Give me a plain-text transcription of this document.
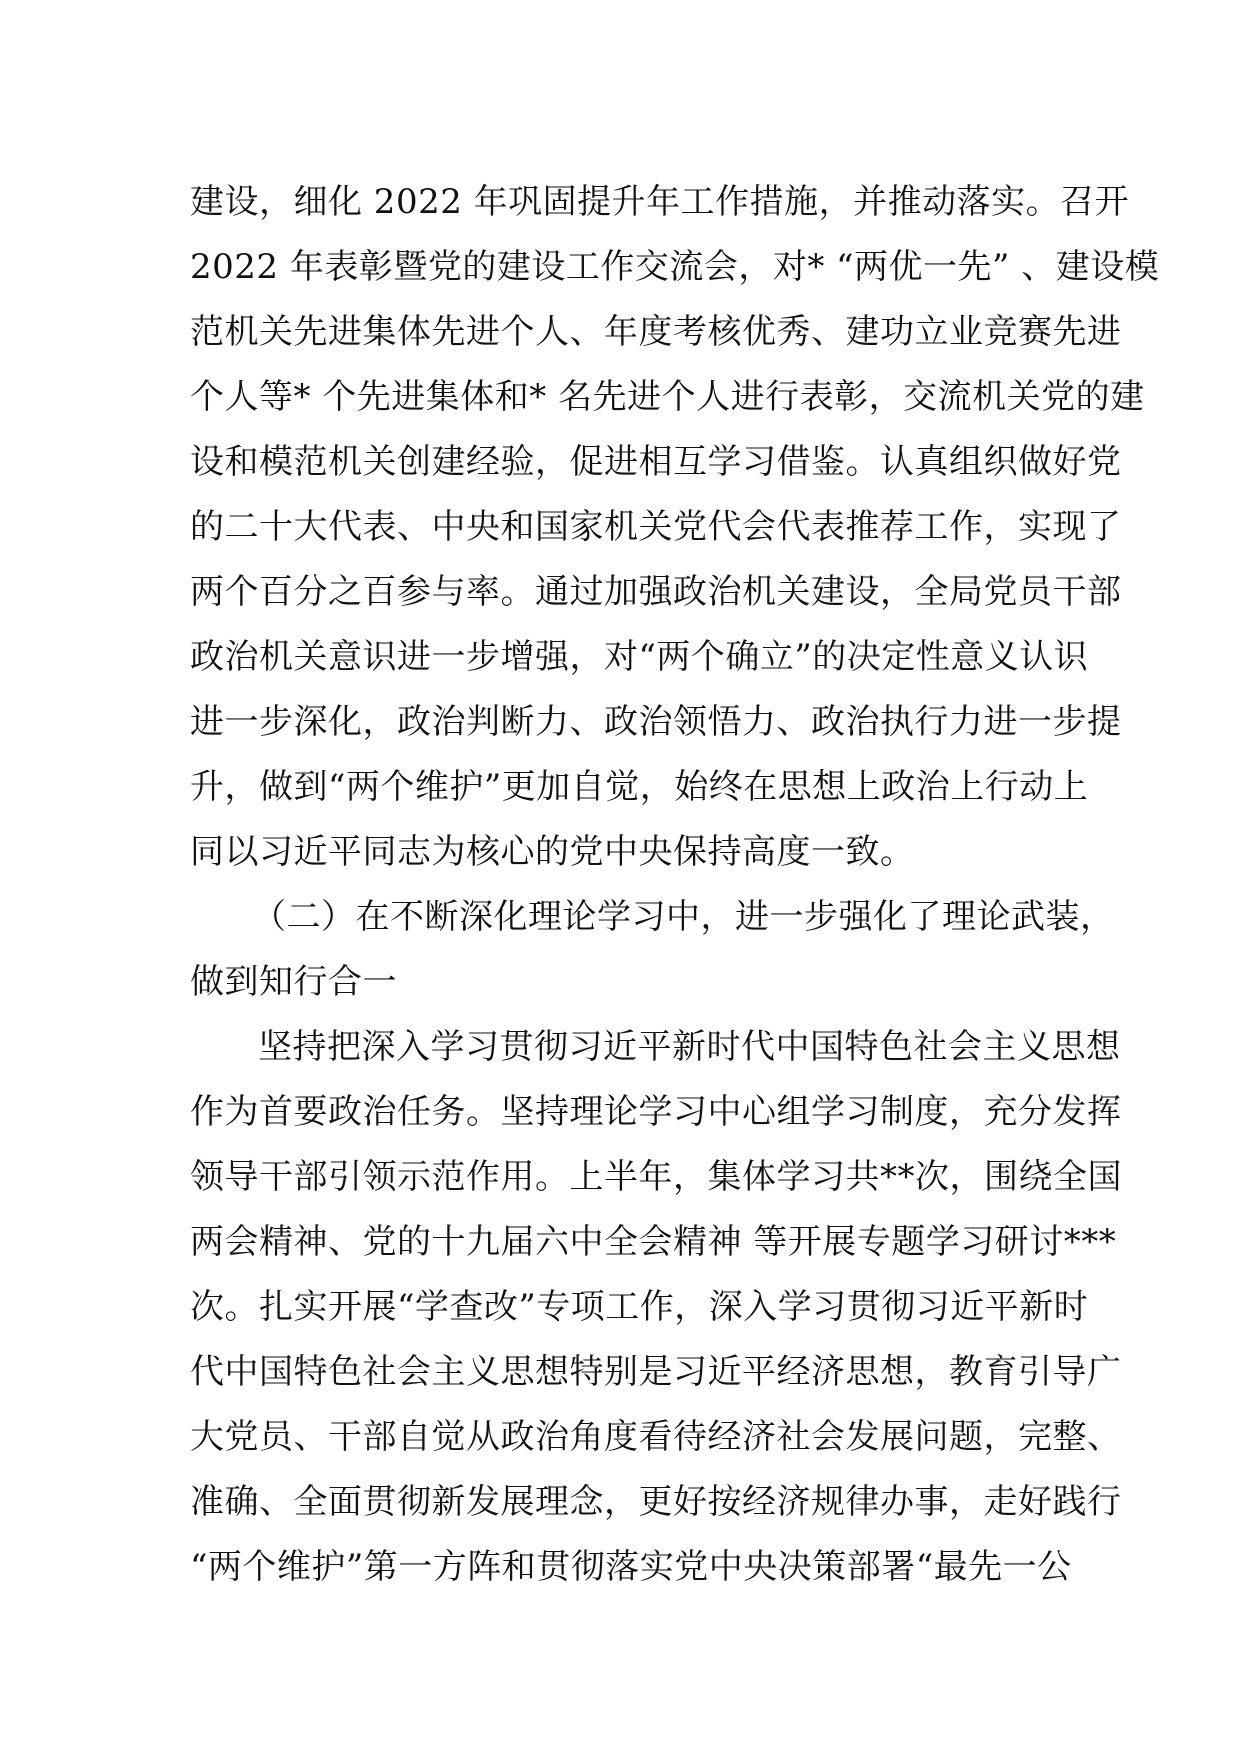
建设，细化 2022 年巩固提升年工作措施，并推动落实。召开
2022 年表彰暨党的建设工作交流会，对* “两优一先” 、建设模
范机关先进集体先进个人、年度考核优秀、建功立业竞赛先进
个人等* 个先进集体和* 名先进个人进行表彰，交流机关党的建
设和模范机关创建经验，促进相互学习借鉴。认真组织做好党
的二十大代表、中央和国家机关党代会代表推荐工作，实现了
两个百分之百参与率。通过加强政治机关建设，全局党员干部
政治机关意识进一步增强，对“两个确立”的决定性意义认识
进一步深化，政治判断力、政治领悟力、政治执行力进一步提
升，做到“两个维护”更加自觉，始终在思想上政治上行动上
同以习近平同志为核心的党中央保持高度一致。
（二）在不断深化理论学习中，进一步强化了理论武装，
做到知行合一
坚持把深入学习贯彻习近平新时代中国特色社会主义思想
作为首要政治任务。坚持理论学习中心组学习制度，充分发挥
领导干部引领示范作用。上半年，集体学习共**次，围绕全国
两会精神、党的十九届六中全会精神 等开展专题学习研讨***
次。扎实开展“学查改”专项工作，深入学习贯彻习近平新时
代中国特色社会主义思想特别是习近平经济思想，教育引导广
大党员、干部自觉从政治角度看待经济社会发展问题，完整、
准确、全面贯彻新发展理念，更好按经济规律办事，走好践行
“两个维护”第一方阵和贯彻落实党中央决策部署“最先一公
